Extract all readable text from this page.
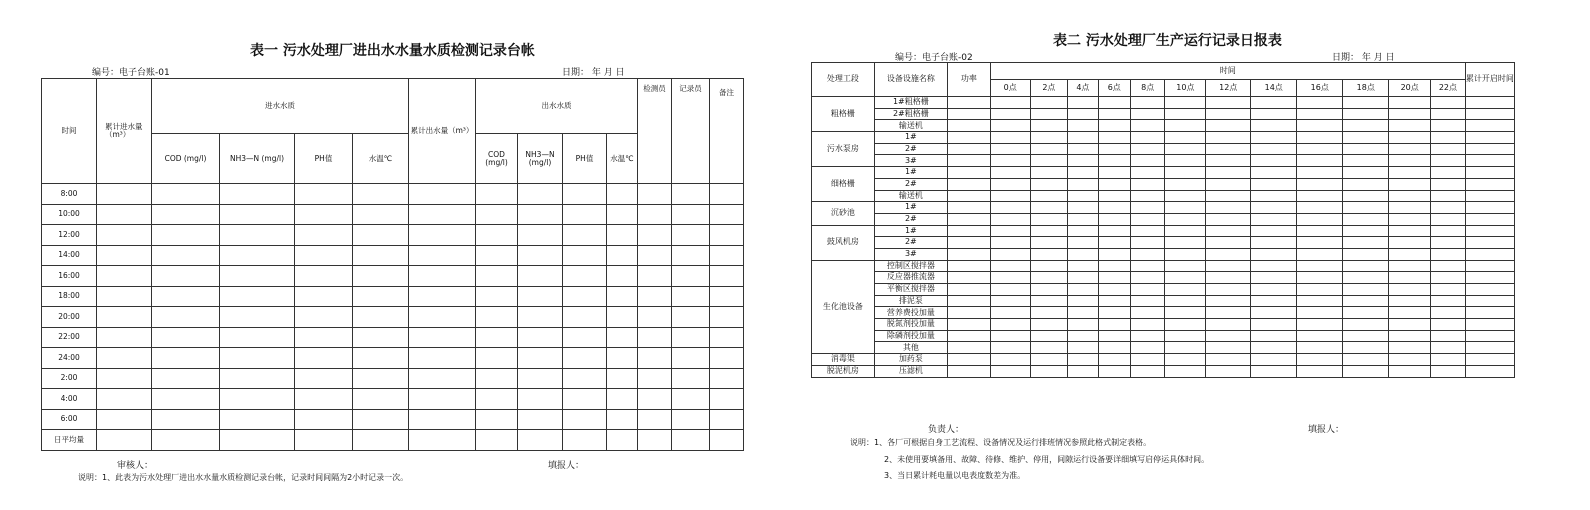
表一 污水处理厂进出水水量水质检测记录台帐
编号：电子台账-01	日期： 年 月 日
时间	累计进水量 （m³）	进水水质				累计出水量（m³）	出水水质				检测员	记录员	备注
		COD (mg/l)	NH3—N (mg/l)	PH值	水温℃		COD (mg/l)	NH3—N (mg/l)	PH值	水温℃			
8:00													
10:00													
12:00													
14:00													
16:00													
18:00													
20:00													
22:00													
24:00													
2:00													
4:00													
6:00													
日平均量													
审核人：	填报人：
说明：1、此表为污水处理厂进出水水量水质检测记录台帐，记录时间间隔为2小时记录一次。
表二 污水处理厂生产运行记录日报表
编号：电子台账-02	日期： 年 月 日
处理工段	设备设施名称	功率	时间												累计开启时间
			0点	2点	4点	6点	8点	10点	12点	14点	16点	18点	20点	22点	
粗格栅	1#粗格栅														
	2#粗格栅														
	输送机														
污水泵房	1#														
	2#														
	3#														
细格栅	1#														
	2#														
	输送机														
沉砂池	1#														
	2#														
鼓风机房	1#														
	2#														
	3#														
生化池设备	控制区搅拌器														
	反应器推流器														
	平衡区搅拌器														
	排泥泵														
	营养费投加量														
	脱氮剂投加量														
	除磷剂投加量														
	其他														
消毒渠	加药泵														
脱泥机房	压滤机														
负责人：	填报人：
说明：1、各厂可根据自身工艺流程、设备情况及运行排班情况参照此格式制定表格。
2、未使用要填备用、故障、待修、维护、停用，间隙运行设备要详细填写启停运具体时间。
3、当日累计耗电量以电表度数差为准。
